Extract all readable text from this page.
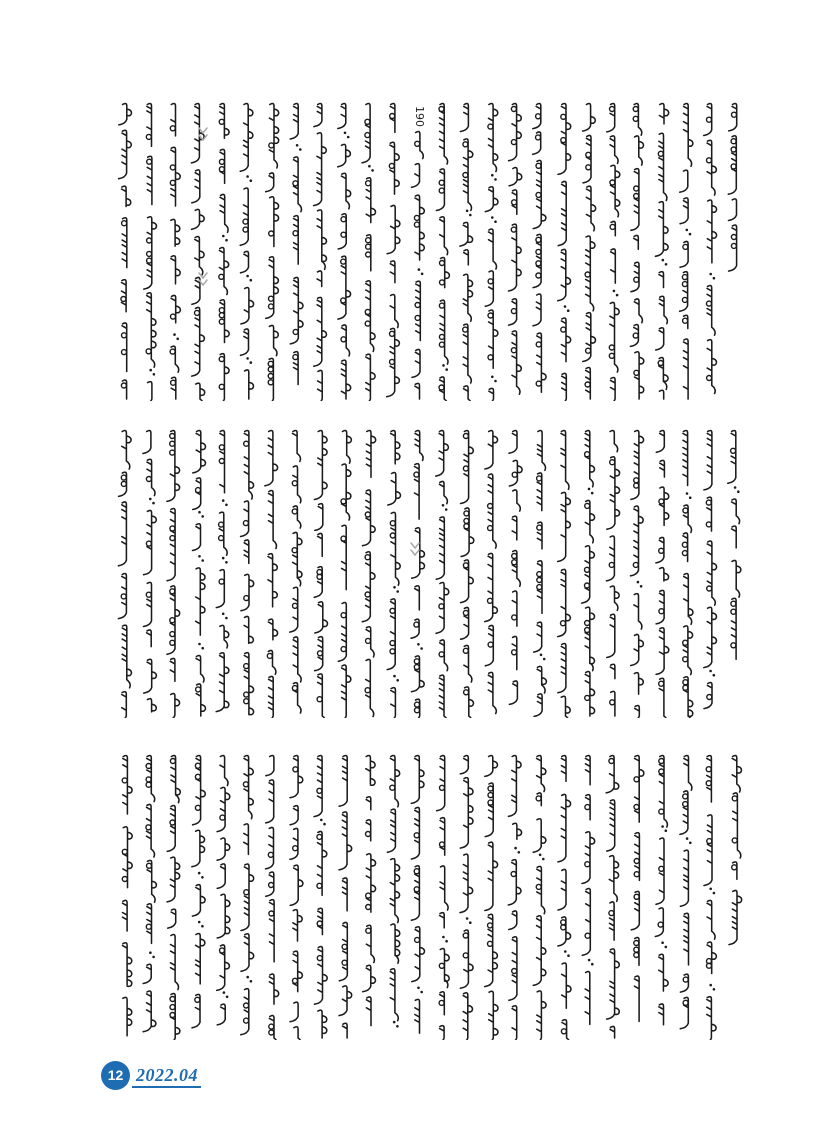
190
12 2022.04
